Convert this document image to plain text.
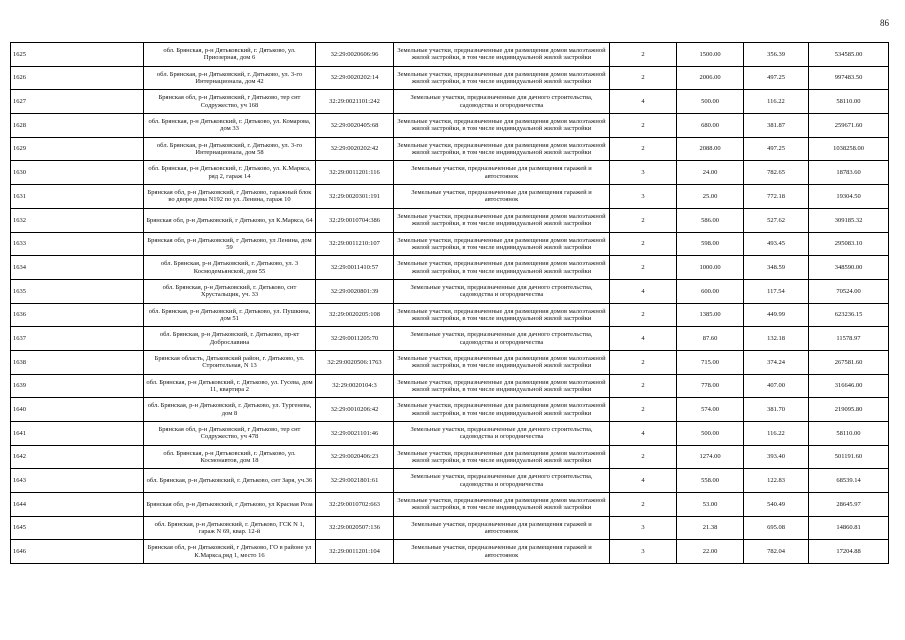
86
1625	обл. Брянская, р-н Дятьковский, г. Дятьково, ул. Приозерная, дом 6	32:29:0020606:96	Земельные участки, предназначенные для размещения домов малоэтажной жилой застройки, в том числе индивидуальной жилой застройки	2	1500.00	356.39	534585.00
1626	обл. Брянская, р-н Дятьковский, г. Дятьково, ул. 3-го Интернационала, дом 42	32:29:0020202:14	Земельные участки, предназначенные для размещения домов малоэтажной жилой застройки, в том числе индивидуальной жилой застройки	2	2006.00	497.25	997483.50
1627	Брянская обл, р-н Дятьковский, г Дятьково, тер снт Содружество, уч 168	32:29:0021101:242	Земельные участки, предназначенные для дачного строительства, садоводства и огородничества	4	500.00	116.22	58110.00
1628	обл. Брянская, р-н Дятьковский, г. Дятьково, ул. Комарова, дом 33	32:29:0020405:68	Земельные участки, предназначенные для размещения домов малоэтажной жилой застройки, в том числе индивидуальной жилой застройки	2	680.00	381.87	259671.60
1629	обл. Брянская, р-н Дятьковский, г. Дятьково, ул. 3-го Интернационала, дом 58	32:29:0020202:42	Земельные участки, предназначенные для размещения домов малоэтажной жилой застройки, в том числе индивидуальной жилой застройки	2	2088.00	497.25	1038258.00
1630	обл. Брянская, р-н Дятьковский, г. Дятьково, ул. К.Маркса, ряд 2, гараж 14	32:29:0011201:116	Земельные участки, предназначенные для размещения гаражей и автостоянок	3	24.00	782.65	18783.60
1631	Брянская обл, р-н Дятьковский, г Дятьково, гаражный блок во дворе дома N192 по ул. Ленина, гараж 10	32:29:0020301:191	Земельные участки, предназначенные для размещения гаражей и автостоянок	3	25.00	772.18	19304.50
1632	Брянская обл, р-н Дятьковский, г Дятьково, ул К.Маркса, 64	32:29:0010704:386	Земельные участки, предназначенные для размещения домов малоэтажной жилой застройки, в том числе индивидуальной жилой застройки	2	586.00	527.62	309185.32
1633	Брянская обл, р-н Дятьковский, г Дятьково, ул Ленина, дом 59	32:29:0011210:107	Земельные участки, предназначенные для размещения домов малоэтажной жилой застройки, в том числе индивидуальной жилой застройки	2	598.00	493.45	295083.10
1634	обл. Брянская, р-н Дятьковский, г. Дятьково, ул. 3 Космодемьянской, дом 55	32:29:0011410:57	Земельные участки, предназначенные для размещения домов малоэтажной жилой застройки, в том числе индивидуальной жилой застройки	2	1000.00	348.59	348590.00
1635	обл. Брянская, р-н Дятьковский, г. Дятьково, снт Хрустальщик, уч. 33	32:29:0020801:39	Земельные участки, предназначенные для дачного строительства, садоводства и огородничества	4	600.00	117.54	70524.00
1636	обл. Брянская, р-н Дятьковский, г. Дятьково, ул. Пушкина, дом 51	32:29:0020205:108	Земельные участки, предназначенные для размещения домов малоэтажной жилой застройки, в том числе индивидуальной жилой застройки	2	1385.00	449.99	623236.15
1637	обл. Брянская, р-н Дятьковский, г. Дятьково, пр-кт Доброславина	32:29:0011205:70	Земельные участки, предназначенные для дачного строительства, садоводства и огородничества	4	87.60	132.18	11578.97
1638	Брянская область, Дятьковский район, г. Дятьково, ул. Строительная, N 13	32:29:0020506:1763	Земельные участки, предназначенные для размещения домов малоэтажной жилой застройки, в том числе индивидуальной жилой застройки	2	715.00	374.24	267581.60
1639	обл. Брянская, р-н Дятьковский, г. Дятьково, ул. Гусева, дом 11, квартира 2	32:29:0020104:3	Земельные участки, предназначенные для размещения домов малоэтажной жилой застройки, в том числе индивидуальной жилой застройки	2	778.00	407.00	316646.00
1640	обл. Брянская, р-н Дятьковский, г. Дятьково, ул. Тургенева, дом 8	32:29:0010206:42	Земельные участки, предназначенные для размещения домов малоэтажной жилой застройки, в том числе индивидуальной жилой застройки	2	574.00	381.70	219095.80
1641	Брянская обл, р-н Дятьковский, г Дятьково, тер снт Содружество, уч 478	32:29:0021101:46	Земельные участки, предназначенные для дачного строительства, садоводства и огородничества	4	500.00	116.22	58110.00
1642	обл. Брянская, р-н Дятьковский, г. Дятьково, ул. Космонавтов, дом 18	32:29:0020406:23	Земельные участки, предназначенные для размещения домов малоэтажной жилой застройки, в том числе индивидуальной жилой застройки	2	1274.00	393.40	501191.60
1643	обл. Брянская, р-н Дятьковский, г. Дятьково, снт Заря, уч.36	32:29:0021801:61	Земельные участки, предназначенные для дачного строительства, садоводства и огородничества	4	558.00	122.83	68539.14
1644	Брянская обл, р-н Дятьковский, г Дятьково, ул Красная Роза	32:29:0010702:663	Земельные участки, предназначенные для размещения домов малоэтажной жилой застройки, в том числе индивидуальной жилой застройки	2	53.00	540.49	28645.97
1645	обл. Брянская, р-н Дятьковский, г. Дятьково, ГСК N 1, гараж N 69, квар. 12-й	32:29:0020507:136	Земельные участки, предназначенные для размещения гаражей и автостоянок	3	21.38	695.08	14860.81
1646	Брянская обл, р-н Дятьковский, г Дятьково, ГО в районе ул К.Маркса,ряд 1, место 16	32:29:0011201:104	Земельные участки, предназначенные для размещения гаражей и автостоянок	3	22.00	782.04	17204.88
